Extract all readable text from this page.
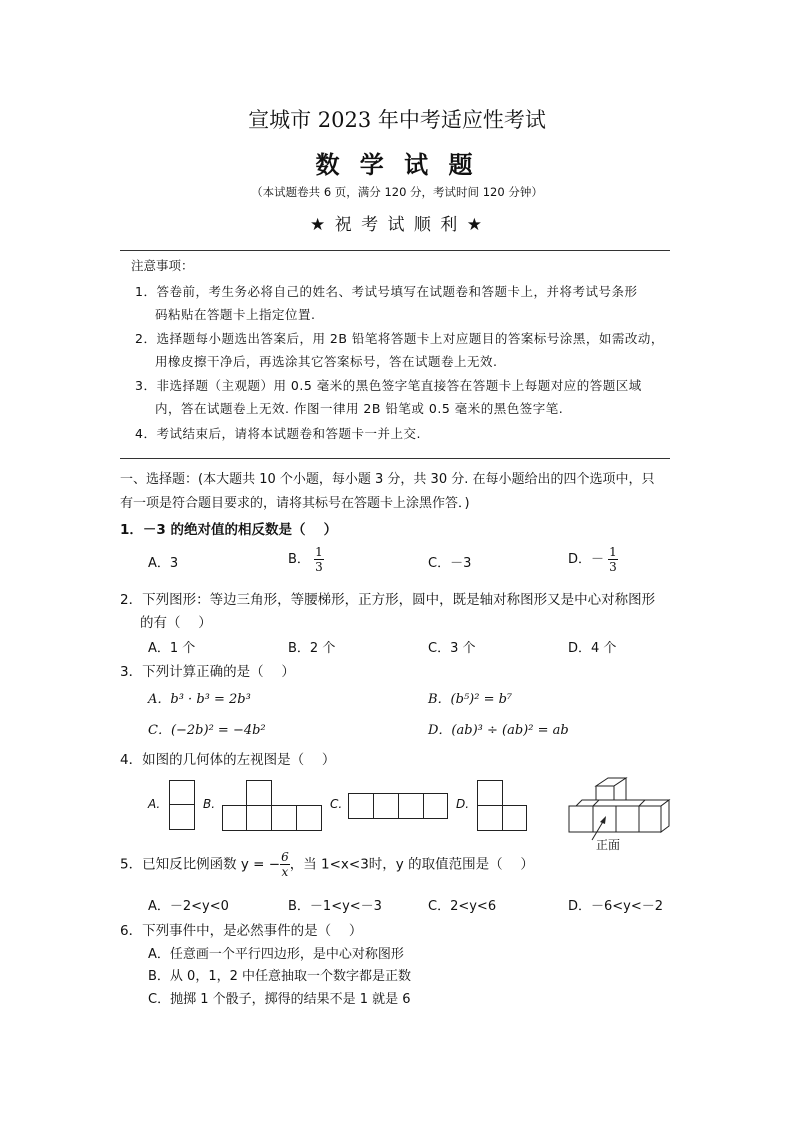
宣城市 2023 年中考适应性考试
数 学 试 题
（本试题卷共 6 页，满分 120 分，考试时间 120 分钟）
★ 祝 考 试 顺 利 ★
注意事项：
1．答卷前，考生务必将自己的姓名、考试号填写在试题卷和答题卡上，并将考试号条形
码粘贴在答题卡上指定位置.
2．选择题每小题选出答案后，用 2B 铅笔将答题卡上对应题目的答案标号涂黑，如需改动，
用橡皮擦干净后，再选涂其它答案标号，答在试题卷上无效.
3．非选择题（主观题）用 0.5 毫米的黑色签字笔直接答在答题卡上每题对应的答题区域
内，答在试题卷上无效. 作图一律用 2B 铅笔或 0.5 毫米的黑色签字笔.
4．考试结束后，请将本试题卷和答题卡一并上交.
一、选择题：(本大题共 10 个小题，每小题 3 分，共 30 分. 在每小题给出的四个选项中，只
有一项是符合题目要求的，请将其标号在答题卡上涂黑作答．)
1．－3 的绝对值的相反数是（　 ）
A．3	B． $\frac{1}{3}$	C．－3	D．－ $\frac{1}{3}$
2．下列图形：等边三角形，等腰梯形，正方形，圆中，既是轴对称图形又是中心对称图形
的有（　 ）
A．1 个	B．2 个	C．3 个	D．4 个
3．下列计算正确的是（　 ）
A．b³ · b³ = 2b³	B．(b⁵)² = b⁷
C．(−2b)² = −4b²	D．(ab)³ ÷ (ab)² = ab
4．如图的几何体的左视图是（　 ）
A.	B.	C.	D.
正面
5．已知反比例函数 y = − $\frac{6}{x}$ ，当 1<x<3时，y 的取值范围是（　 ）
A．－2<y<0	B．－1<y<－3	C．2<y<6	D．－6<y<－2
6．下列事件中，是必然事件的是（　 ）
A．任意画一个平行四边形，是中心对称图形
B．从 0，1，2 中任意抽取一个数字都是正数
C．抛掷 1 个骰子，掷得的结果不是 1 就是 6
